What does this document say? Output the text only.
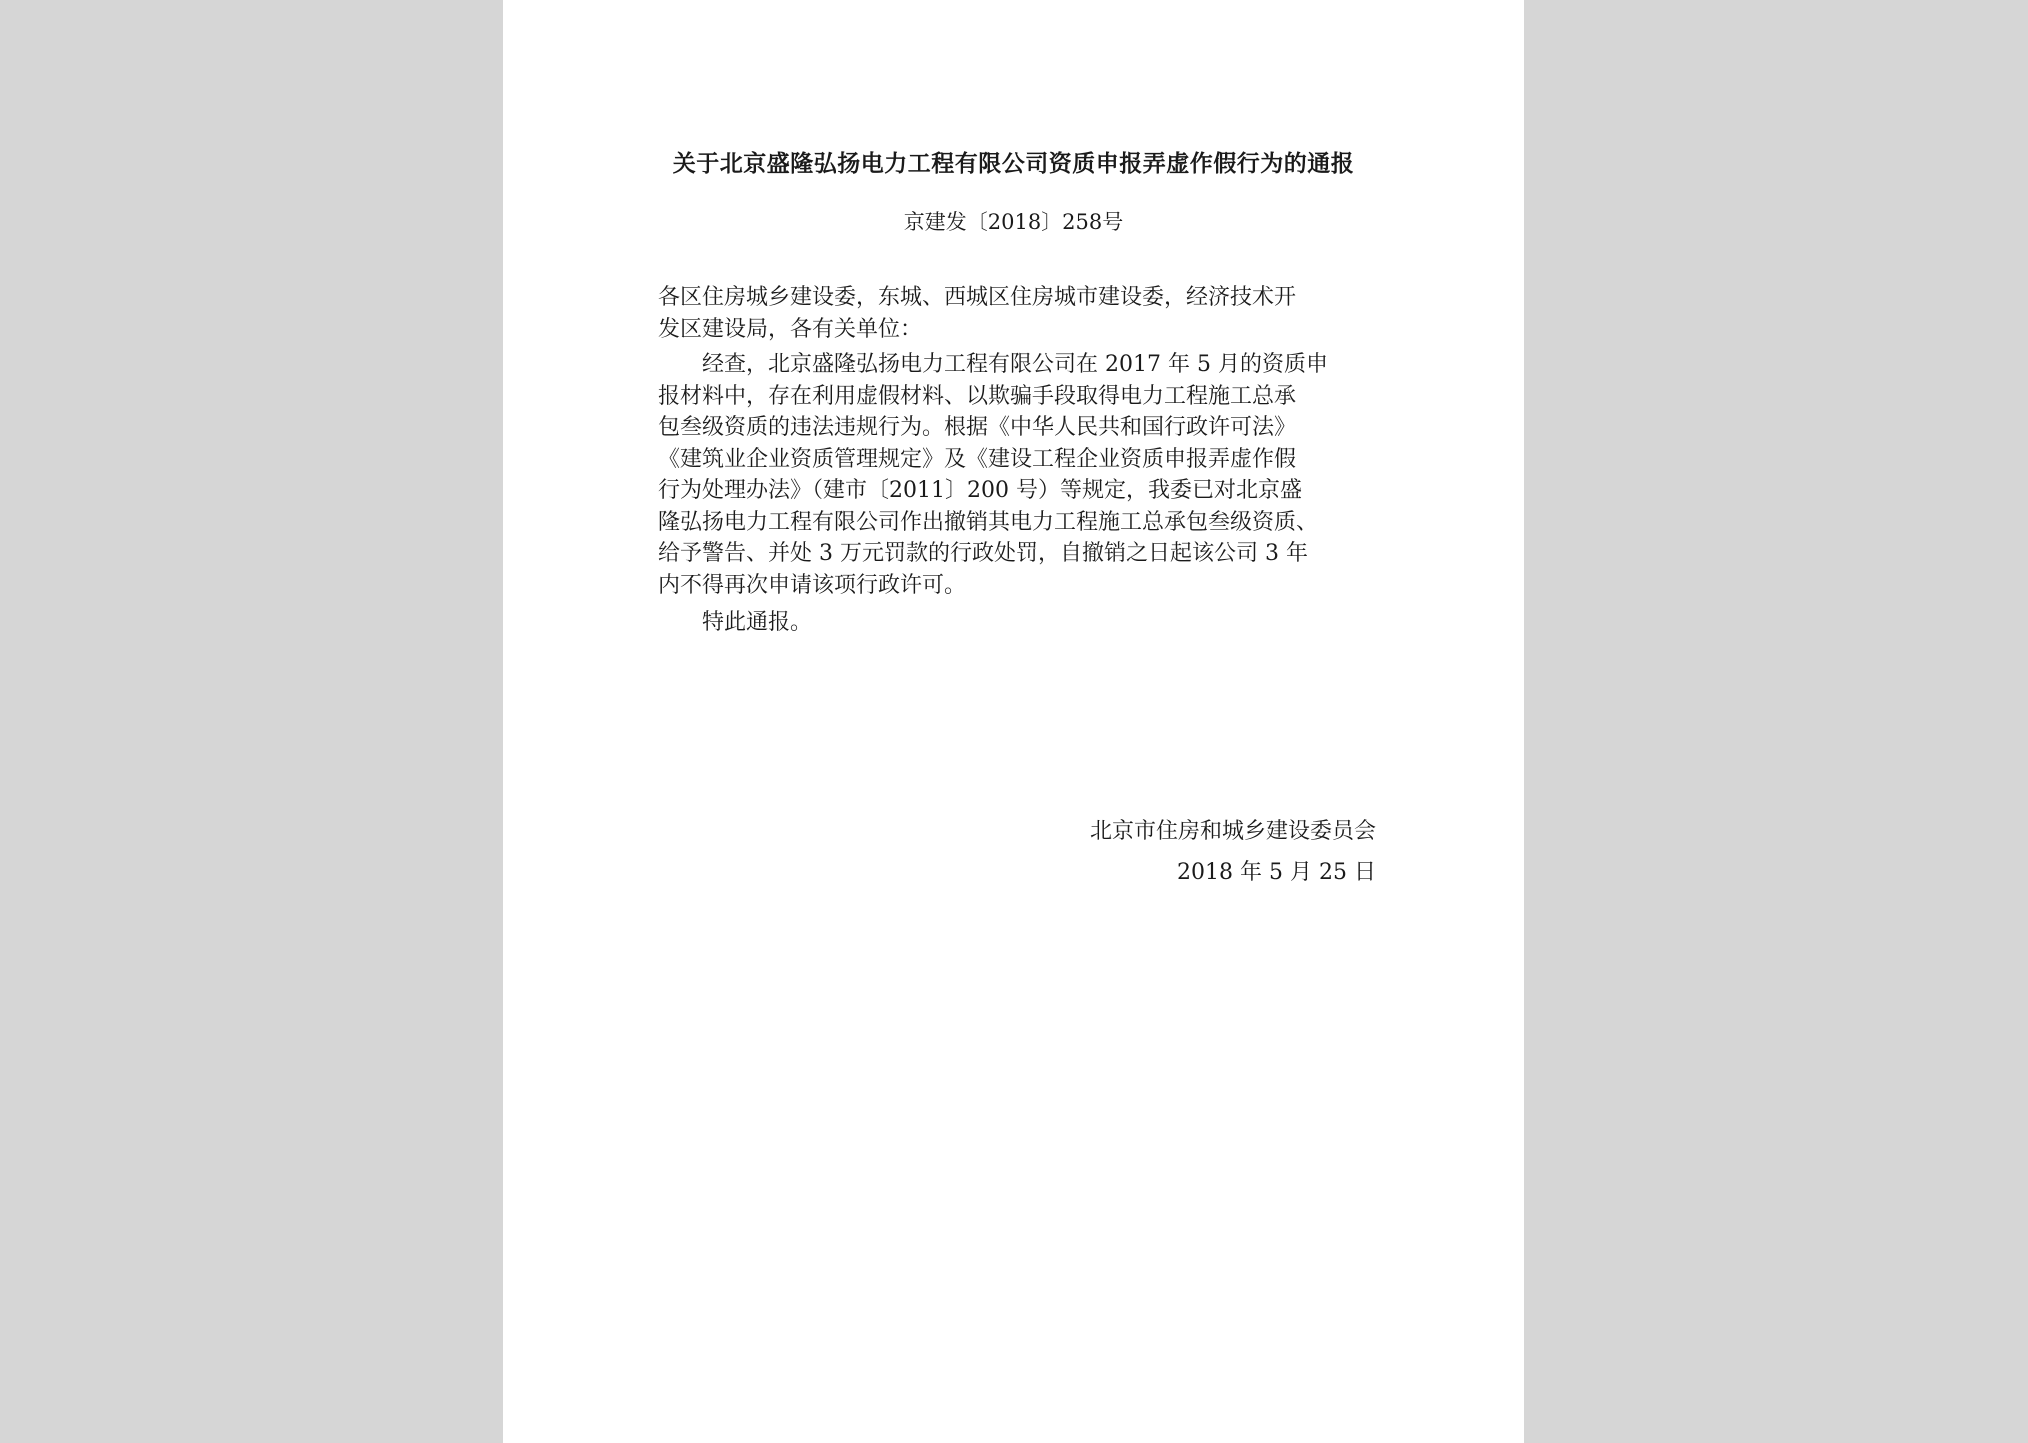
关于北京盛隆弘扬电力工程有限公司资质申报弄虚作假行为的通报

京建发〔2018〕258号

各区住房城乡建设委，东城、西城区住房城市建设委，经济技术开
发区建设局，各有关单位：
经查，北京盛隆弘扬电力工程有限公司在 2017 年 5 月的资质申
报材料中，存在利用虚假材料、以欺骗手段取得电力工程施工总承
包叁级资质的违法违规行为。根据《中华人民共和国行政许可法》
《建筑业企业资质管理规定》及《建设工程企业资质申报弄虚作假
行为处理办法》（建市〔2011〕200 号）等规定，我委已对北京盛
隆弘扬电力工程有限公司作出撤销其电力工程施工总承包叁级资质、
给予警告、并处 3 万元罚款的行政处罚，自撤销之日起该公司 3 年
内不得再次申请该项行政许可。
特此通报。
北京市住房和城乡建设委员会
2018 年 5 月 25 日
